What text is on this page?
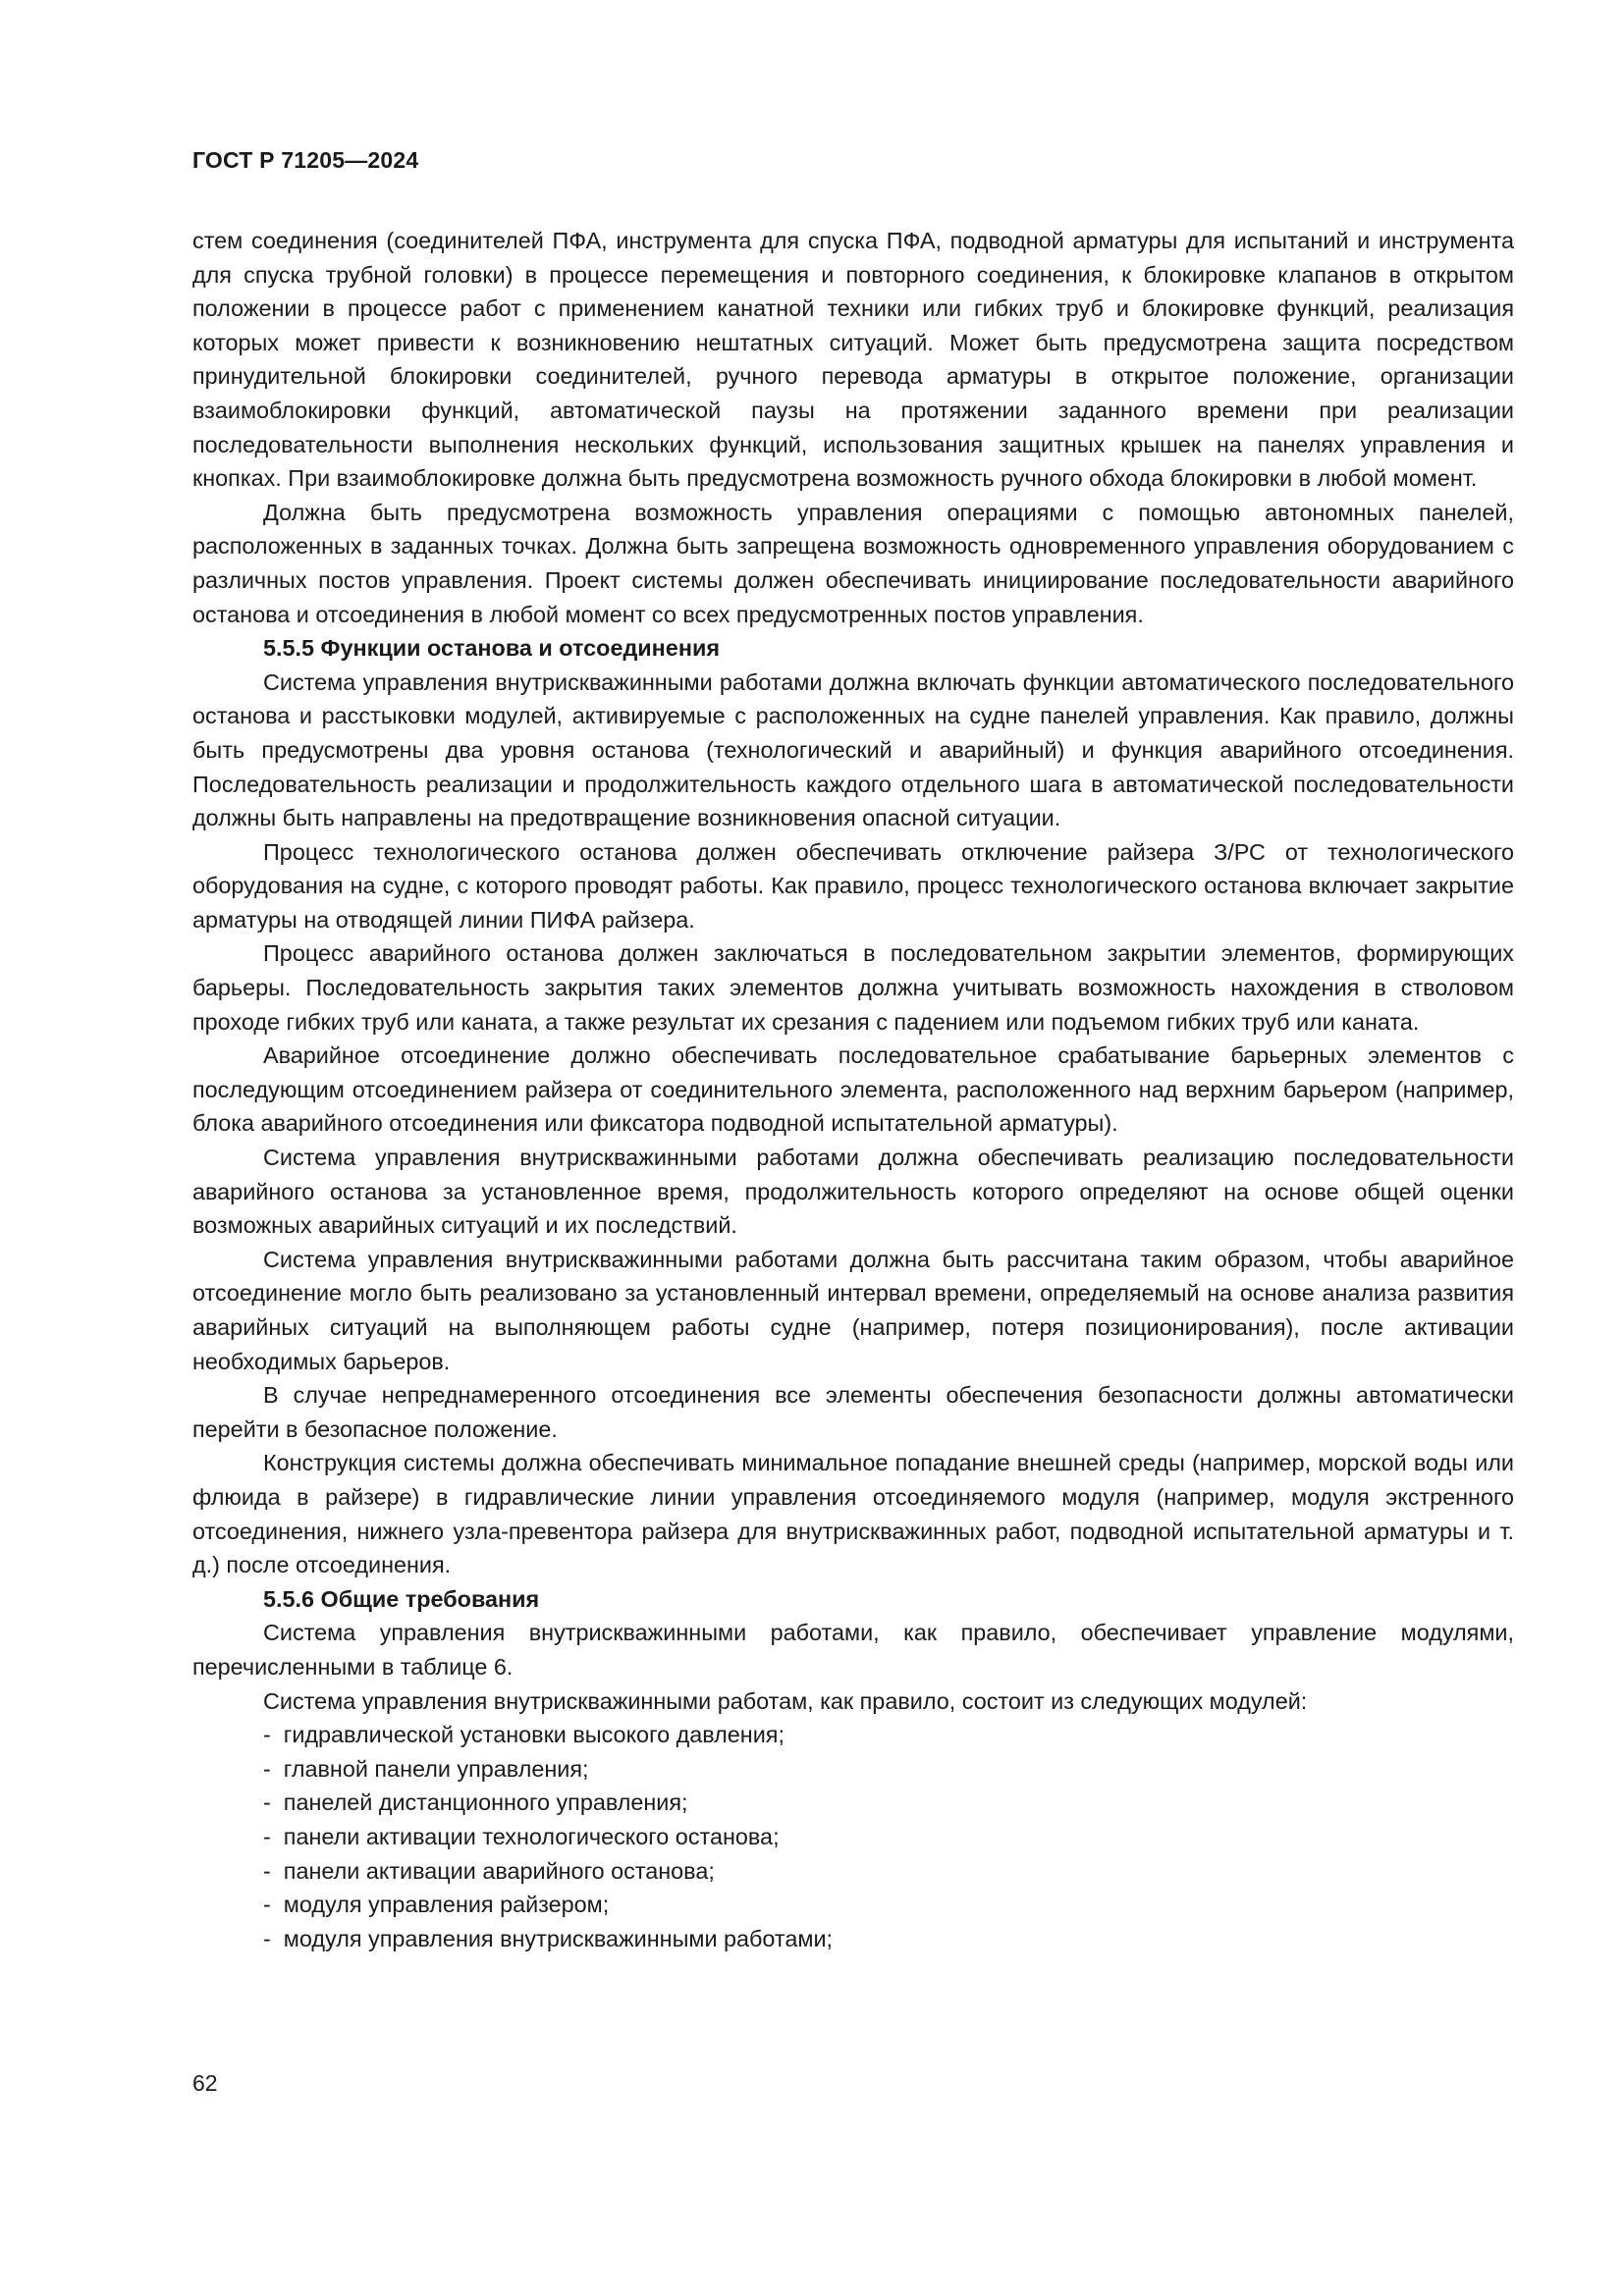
ГОСТ Р 71205—2024

стем соединения (соединителей ПФА, инструмента для спуска ПФА, подводной арматуры для испытаний и инструмента для спуска трубной головки) в процессе перемещения и повторного соединения, к блокировке клапанов в открытом положении в процессе работ с применением канатной техники или гибких труб и блокировке функций, реализация которых может привести к возникновению нештатных ситуаций. Может быть предусмотрена защита посредством принудительной блокировки соединителей, ручного перевода арматуры в открытое положение, организации взаимоблокировки функций, автоматической паузы на протяжении заданного времени при реализации последовательности выполнения нескольких функций, использования защитных крышек на панелях управления и кнопках. При взаимоблокировке должна быть предусмотрена возможность ручного обхода блокировки в любой момент.

Должна быть предусмотрена возможность управления операциями с помощью автономных панелей, расположенных в заданных точках. Должна быть запрещена возможность одновременного управления оборудованием с различных постов управления. Проект системы должен обеспечивать инициирование последовательности аварийного останова и отсоединения в любой момент со всех предусмотренных постов управления.

5.5.5 Функции останова и отсоединения

Система управления внутрискважинными работами должна включать функции автоматического последовательного останова и расстыковки модулей, активируемые с расположенных на судне панелей управления. Как правило, должны быть предусмотрены два уровня останова (технологический и аварийный) и функция аварийного отсоединения. Последовательность реализации и продолжительность каждого отдельного шага в автоматической последовательности должны быть направлены на предотвращение возникновения опасной ситуации.

Процесс технологического останова должен обеспечивать отключение райзера З/РС от технологического оборудования на судне, с которого проводят работы. Как правило, процесс технологического останова включает закрытие арматуры на отводящей линии ПИФА райзера.

Процесс аварийного останова должен заключаться в последовательном закрытии элементов, формирующих барьеры. Последовательность закрытия таких элементов должна учитывать возможность нахождения в стволовом проходе гибких труб или каната, а также результат их срезания с падением или подъемом гибких труб или каната.

Аварийное отсоединение должно обеспечивать последовательное срабатывание барьерных элементов с последующим отсоединением райзера от соединительного элемента, расположенного над верхним барьером (например, блока аварийного отсоединения или фиксатора подводной испытательной арматуры).

Система управления внутрискважинными работами должна обеспечивать реализацию последовательности аварийного останова за установленное время, продолжительность которого определяют на основе общей оценки возможных аварийных ситуаций и их последствий.

Система управления внутрискважинными работами должна быть рассчитана таким образом, чтобы аварийное отсоединение могло быть реализовано за установленный интервал времени, определяемый на основе анализа развития аварийных ситуаций на выполняющем работы судне (например, потеря позиционирования), после активации необходимых барьеров.

В случае непреднамеренного отсоединения все элементы обеспечения безопасности должны автоматически перейти в безопасное положение.

Конструкция системы должна обеспечивать минимальное попадание внешней среды (например, морской воды или флюида в райзере) в гидравлические линии управления отсоединяемого модуля (например, модуля экстренного отсоединения, нижнего узла-превентора райзера для внутрискважинных работ, подводной испытательной арматуры и т. д.) после отсоединения.

5.5.6 Общие требования

Система управления внутрискважинными работами, как правило, обеспечивает управление модулями, перечисленными в таблице 6.

Система управления внутрискважинными работам, как правило, состоит из следующих модулей:

-  гидравлической установки высокого давления;
-  главной панели управления;
-  панелей дистанционного управления;
-  панели активации технологического останова;
-  панели активации аварийного останова;
-  модуля управления райзером;
-  модуля управления внутрискважинными работами;
62
